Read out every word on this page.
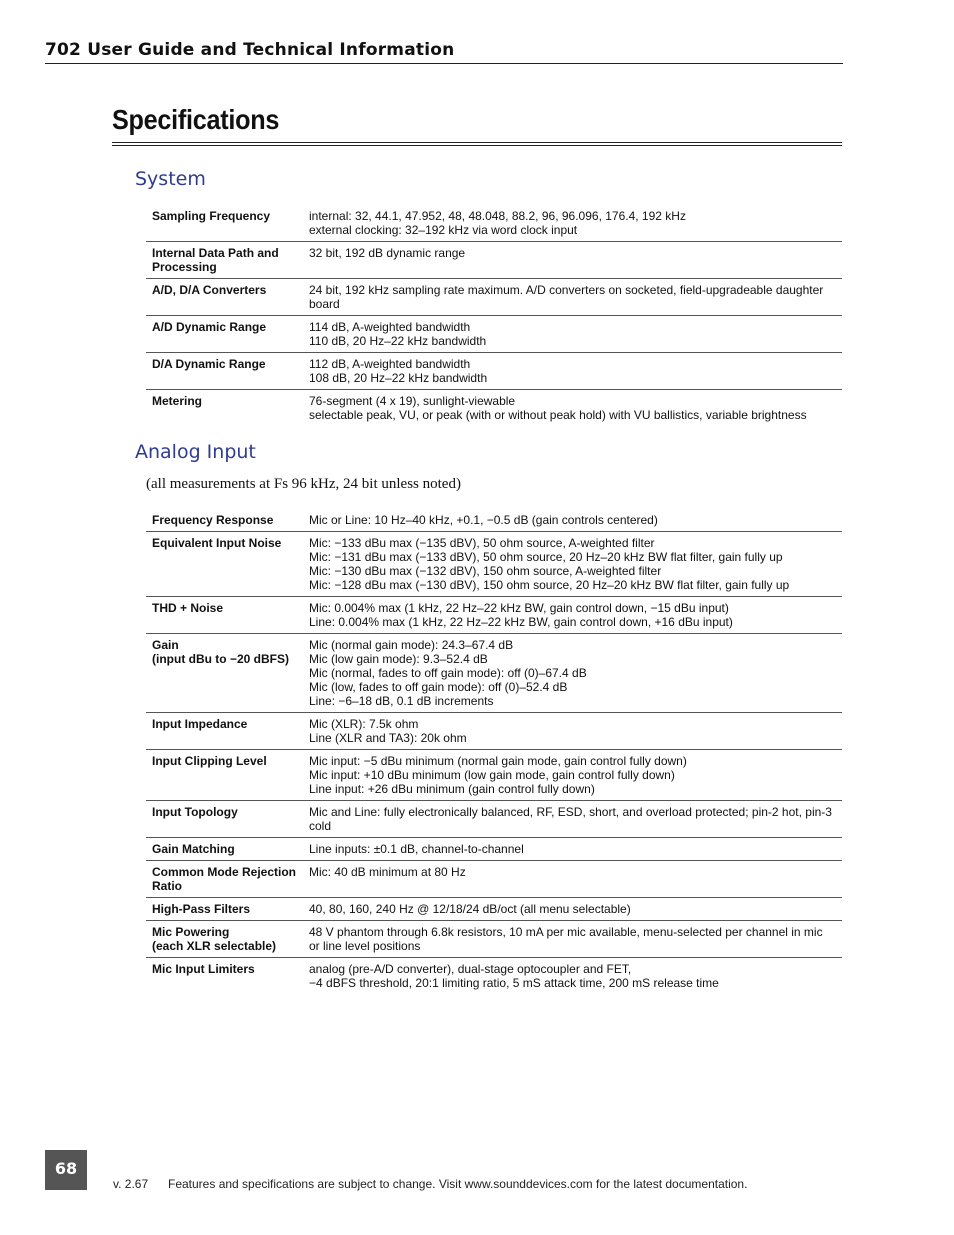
702 User Guide and Technical Information
Specifications
System
Sampling Frequency	internal: 32, 44.1, 47.952, 48, 48.048, 88.2, 96, 96.096, 176.4, 192 kHz
external clocking: 32–192 kHz via word clock input

Internal Data Path and Processing	32 bit, 192 dB dynamic range

A/D, D/A Converters	24 bit, 192 kHz sampling rate maximum. A/D converters on socketed, field-upgradeable daughter board

A/D Dynamic Range	114 dB, A-weighted bandwidth
110 dB, 20 Hz–22 kHz bandwidth

D/A Dynamic Range	112 dB, A-weighted bandwidth
108 dB, 20 Hz–22 kHz bandwidth

Metering	76-segment (4 x 19), sunlight-viewable
selectable peak, VU, or peak (with or without peak hold) with VU ballistics, variable brightness
Analog Input
(all measurements at Fs 96 kHz, 24 bit unless noted)
Frequency Response	Mic or Line: 10 Hz–40 kHz, +0.1, −0.5 dB (gain controls centered)

Equivalent Input Noise	Mic: −133 dBu max (−135 dBV), 50 ohm source, A-weighted filter
Mic: −131 dBu max (−133 dBV), 50 ohm source, 20 Hz–20 kHz BW flat filter, gain fully up
Mic: −130 dBu max (−132 dBV), 150 ohm source, A-weighted filter
Mic: −128 dBu max (−130 dBV), 150 ohm source, 20 Hz–20 kHz BW flat filter, gain fully up

THD + Noise	Mic: 0.004% max (1 kHz, 22 Hz–22 kHz BW, gain control down, −15 dBu input)
Line: 0.004% max (1 kHz, 22 Hz–22 kHz BW, gain control down, +16 dBu input)

Gain
(input dBu to −20 dBFS)	Mic (normal gain mode): 24.3–67.4 dB
Mic (low gain mode): 9.3–52.4 dB
Mic (normal, fades to off gain mode): off (0)–67.4 dB
Mic (low, fades to off gain mode): off (0)–52.4 dB
Line: −6–18 dB, 0.1 dB increments

Input Impedance	Mic (XLR): 7.5k ohm
Line (XLR and TA3): 20k ohm

Input Clipping Level	Mic input: −5 dBu minimum (normal gain mode, gain control fully down)
Mic input: +10 dBu minimum (low gain mode, gain control fully down)
Line input: +26 dBu minimum (gain control fully down)

Input Topology	Mic and Line: fully electronically balanced, RF, ESD, short, and overload protected; pin-2 hot, pin-3 cold

Gain Matching	Line inputs: ±0.1 dB, channel-to-channel

Common Mode Rejection Ratio	Mic: 40 dB minimum at 80 Hz

High-Pass Filters	40, 80, 160, 240 Hz @ 12/18/24 dB/oct (all menu selectable)

Mic Powering
(each XLR selectable)	48 V phantom through 6.8k resistors, 10 mA per mic available, menu-selected per channel in mic or line level positions

Mic Input Limiters	analog (pre-A/D converter), dual-stage optocoupler and FET,
−4 dBFS threshold, 20:1 limiting ratio, 5 mS attack time, 200 mS release time
68
v. 2.67 Features and specifications are subject to change. Visit www.sounddevices.com for the latest documentation.
